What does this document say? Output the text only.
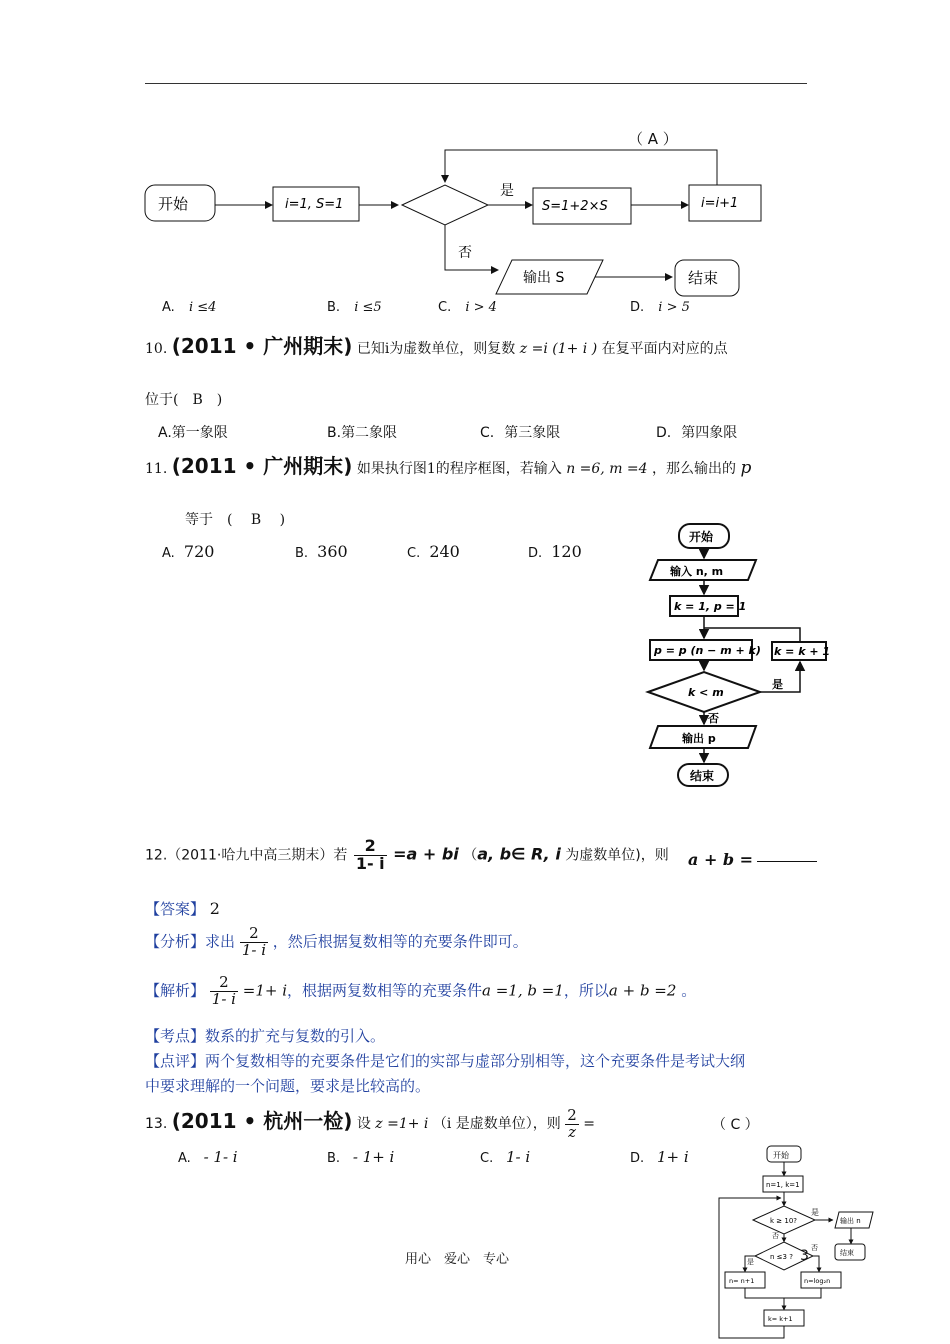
（ A ）
开始	i=1, S=1
是
否
S=1+2×S	i=i+1
输出 S	结束
A. i ≤4	B. i ≤5	C. i > 4	D. i > 5
10. (2011 • 广州期末) 已知i为虚数单位，则复数 z =i (1+ i ) 在复平面内对应的点
位于(　B　)
A.第一象限	B.第二象限	C. 第三象限	D. 第四象限
11. (2011 • 广州期末) 如果执行图1的程序框图，若输入 n =6, m =4 ，那么输出的 p
等于　(　 B　 )
A. 720	B. 360	C. 240	D. 120
开始
输入 n, m
k = 1, p = 1
p = p (n − m + k)
k < m
k = k + 1
是
否
输出 p
结束
12.（2011·哈九中高三期末）若 $\frac{2}{1- i} =a$ + bi （a, b∈ R, i 为虚数单位)，则 a + b =
【答案】 2
【分析】求出 $\frac{2}{1- i}$ ，然后根据复数相等的充要条件即可。
【解析】 $\frac{2}{1- i} =1+ i$，根据两复数相等的充要条件a =1, b =1，所以a + b =2 。
【考点】数系的扩充与复数的引入。
【点评】两个复数相等的充要条件是它们的实部与虚部分别相等，这个充要条件是考试大纲
中要求理解的一个问题，要求是比较高的。
13. (2011 • 杭州一检) 设 z =1+ i （i 是虚数单位），则 $\frac{2}{z}$ =	（ C ）
A. - 1- i	B. - 1+ i	C. 1- i	D. 1+ i	开始
n=1, k=1
k ≥ 10?
是
否
输出 n
结束
n ≤3 ?
是
否
n= n+1	n=log₂n
k= k+1
用心　爱心　专心	3
